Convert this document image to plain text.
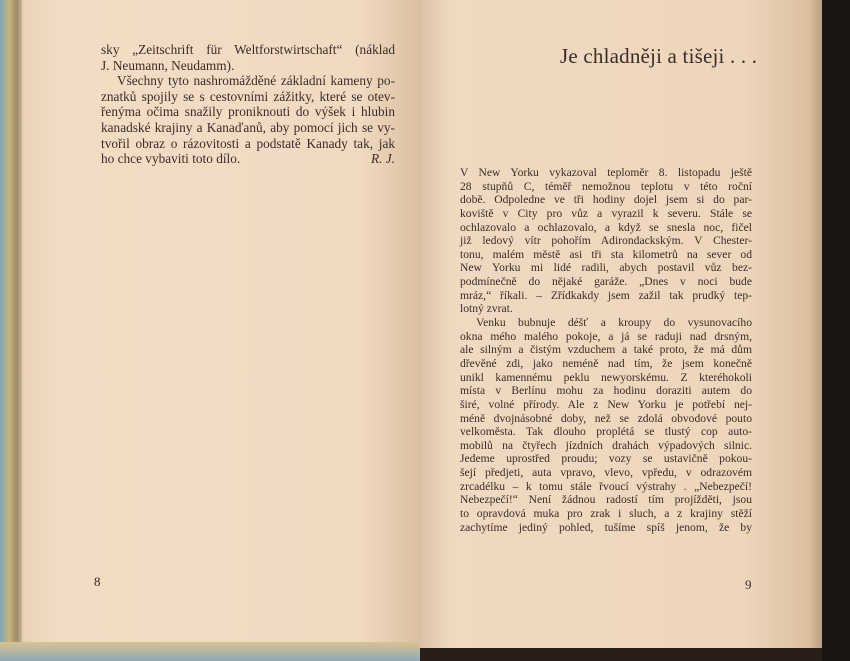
sky „Zeitschrift für Weltforstwirtschaft“ (náklad
J. Neumann, Neudamm).
Všechny tyto nashromážděné základní kameny po-
znatků spojily se s cestovními zážitky, které se otev-
řenýma očima snažily proniknouti do výšek i hlubin
kanadské krajiny a Kanaďanů, aby pomocí jich se vy-
tvořil obraz o rázovitosti a podstatě Kanady tak, jak
ho chce vybaviti toto dílo.	R. J.
8
Je chladněji a tišeji . . .
V New Yorku vykazoval teploměr 8. listopadu ještě
28 stupňů C, téměř nemožnou teplotu v této roční
době. Odpoledne ve tři hodiny dojel jsem si do par-
koviště v City pro vůz a vyrazil k severu. Stále se
ochlazovalo a ochlazovalo, a když se snesla noc, fičel
již ledový vítr pohořím Adirondackským. V Chester-
tonu, malém městě asi tři sta kilometrů na sever od
New Yorku mi lidé radili, abych postavil vůz bez-
podmínečně do nějaké garáže. „Dnes v noci bude
mráz,“ říkali. – Zřídkakdy jsem zažil tak prudký tep-
lotný zvrat.
Venku bubnuje déšť a kroupy do vysunovacího
okna mého malého pokoje, a já se raduji nad drsným,
ale silným a čistým vzduchem a také proto, že má dům
dřevěné zdi, jako neméně nad tím, že jsem konečně
unikl kamennému peklu newyorskému. Z kteréhokoli
místa v Berlínu mohu za hodinu doraziti autem do
širé, volné přírody. Ale z New Yorku je potřebí nej-
méně dvojnásobné doby, než se zdolá obvodové pouto
velkoměsta. Tak dlouho proplétá se tlustý cop auto-
mobilů na čtyřech jízdních drahách výpadových silnic.
Jedeme uprostřed proudu; vozy se ustavičně pokou-
šejí předjeti, auta vpravo, vlevo, vpředu, v odrazovém
zrcadélku – k tomu stále řvoucí výstrahy . „Nebezpečí!
Nebezpečí!“ Není žádnou radostí tím projížděti, jsou
to opravdová muka pro zrak i sluch, a z krajiny stěží
zachytíme jediný pohled, tušíme spíš jenom, že by
9
